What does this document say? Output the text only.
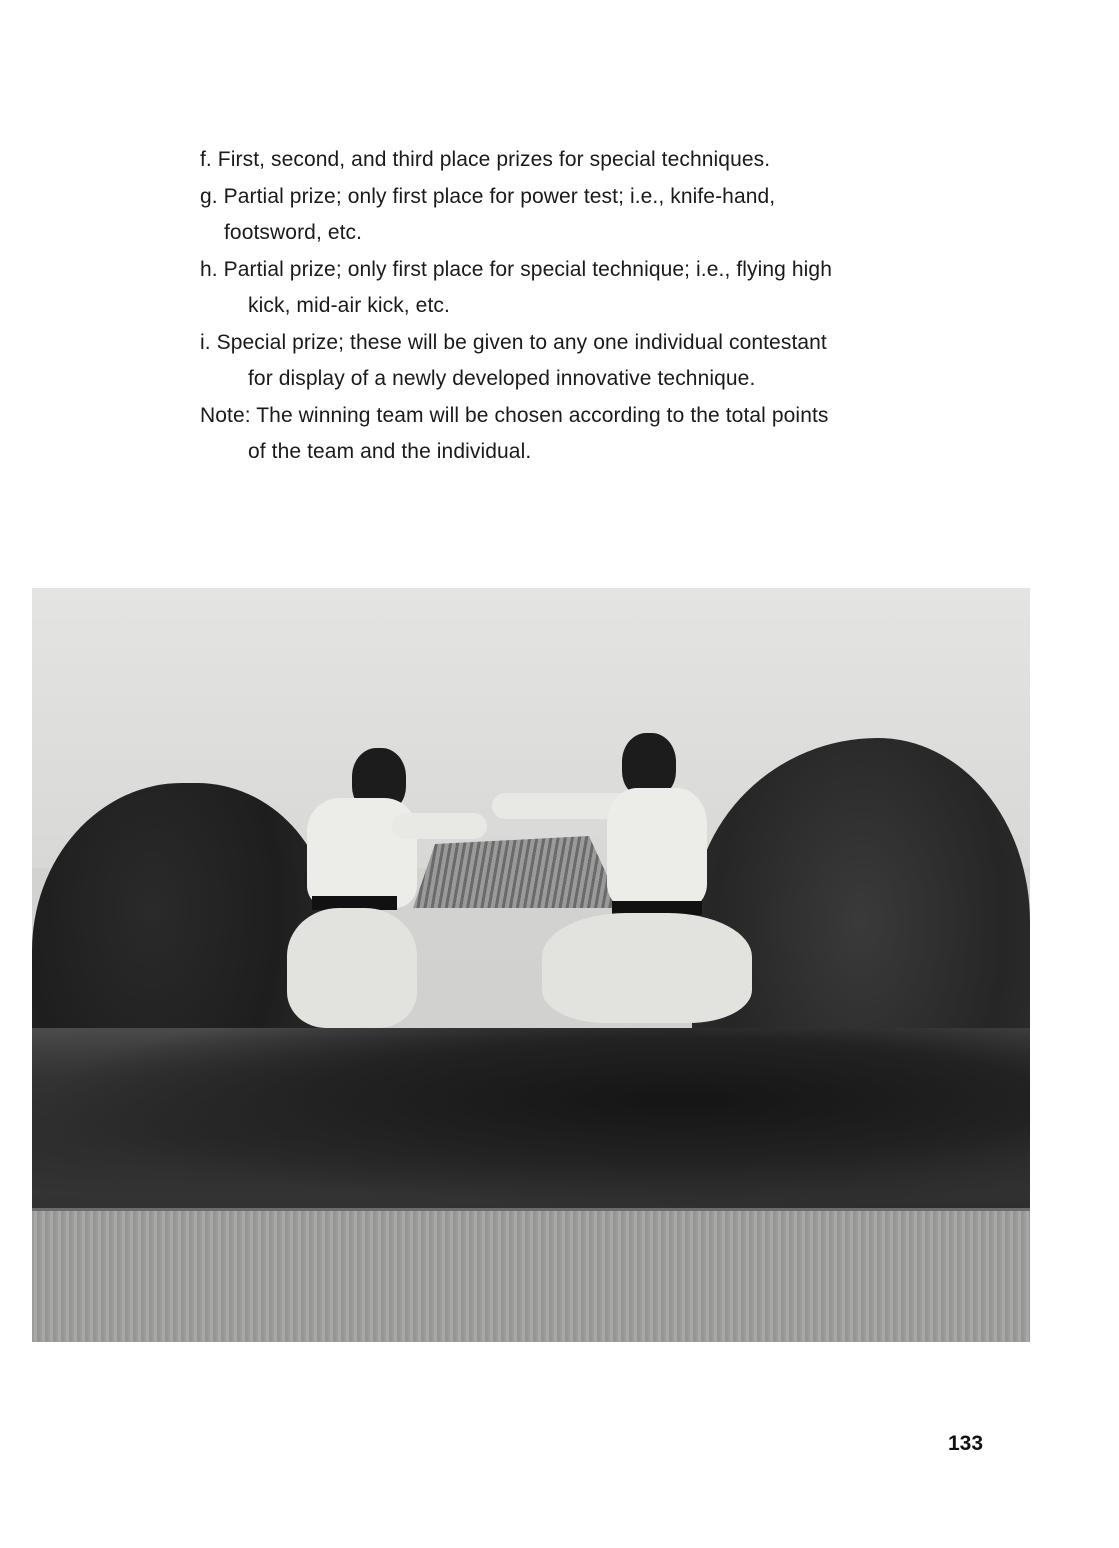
f. First, second, and third place prizes for special techniques.
g. Partial prize; only first place for power test; i.e., knife-hand,
footsword, etc.
h. Partial prize; only first place for special technique; i.e., flying high
kick, mid-air kick, etc.
i. Special prize; these will be given to any one individual contestant
for display of a newly developed innovative technique.
Note: The winning team will be chosen according to the total points
of the team and the individual.
133
